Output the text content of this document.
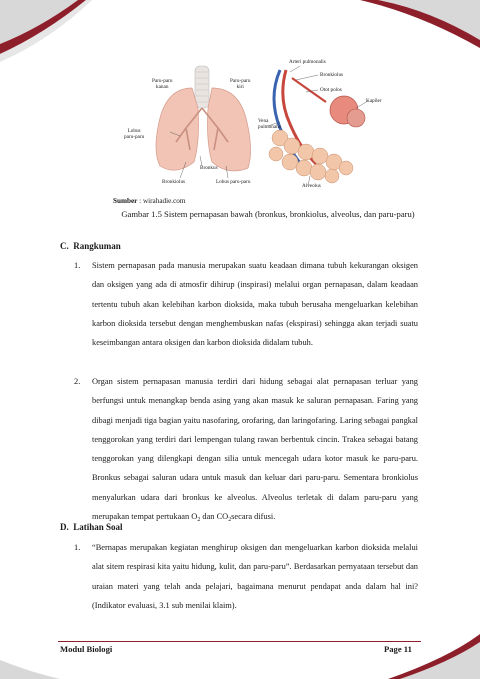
Arteri pulmonalis
Bronkiolus
Otot polos
Kapiler
Paru-paru
kanan
Paru-paru
kiri
Vena
pulmonalis
Lobus
paru-paru
Bronkus
Bronkiolus	Lobus paru-paru
Alveolus
Sumber : wirahadie.com
Gambar 1.5 Sistem pernapasan bawah (bronkus, bronkiolus, alveolus, dan paru-paru)
C.  Rangkuman
1. Sistem pernapasan pada manusia merupakan suatu keadaan dimana tubuh kekurangan oksigen dan oksigen yang ada di atmosfir dihirup (inspirasi) melalui organ pernapasan, dalam keadaan tertentu tubuh akan kelebihan karbon dioksida, maka tubuh berusaha mengeluarkan kelebihan karbon dioksida tersebut dengan menghembuskan nafas (ekspirasi) sehingga akan terjadi suatu keseimbangan antara oksigen dan karbon dioksida didalam tubuh.
2. Organ sistem pernapasan manusia terdiri dari hidung sebagai alat pernapasan terluar yang berfungsi untuk menangkap benda asing yang akan masuk ke saluran pernapasan. Faring yang dibagi menjadi tiga bagian yaitu nasofaring, orofaring, dan laringofaring. Laring sebagai pangkal tenggorokan yang terdiri dari lempengan tulang rawan berbentuk cincin. Trakea sebagai batang tenggorokan yang dilengkapi dengan silia untuk mencegah udara kotor masuk ke paru-paru. Bronkus sebagai saluran udara untuk masuk dan keluar dari paru-paru. Sementara bronkiolus menyalurkan udara dari bronkus ke alveolus. Alveolus terletak di dalam paru-paru yang merupakan tempat pertukaan $O_2$ dan $CO_2secara$ difusi.
D.  Latihan Soal
1. “Bernapas merupakan kegiatan menghirup oksigen dan mengeluarkan karbon dioksida melalui alat sitem respirasi kita yaitu hidung, kulit, dan paru-paru”. Berdasarkan pernyataan tersebut dan uraian materi yang telah anda pelajari, bagaimana menurut pendapat anda dalam hal ini? (Indikator evaluasi, 3.1 sub menilai klaim).
Modul Biologi	Page 11
